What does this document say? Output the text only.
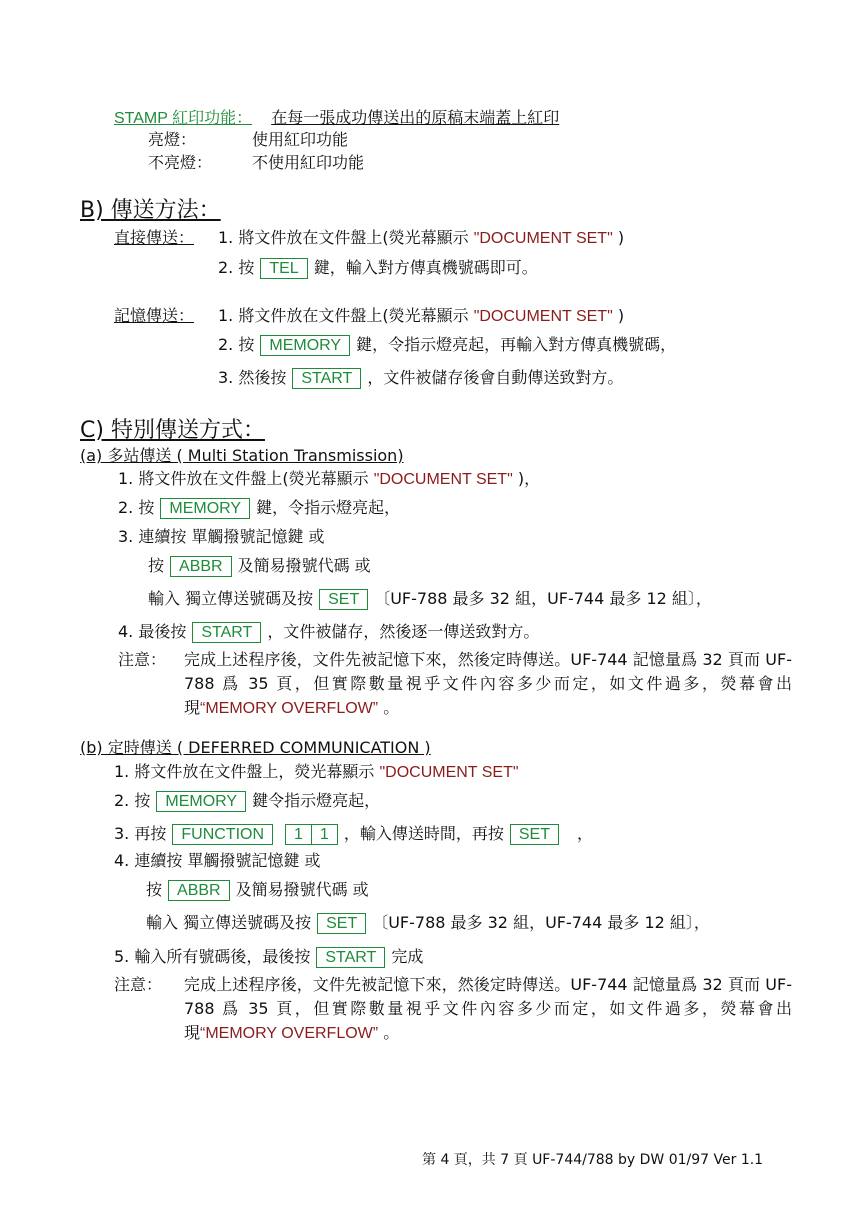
STAMP 紅印功能： 在每一張成功傳送出的原稿末端蓋上紅印
亮燈：	使用紅印功能
不亮燈： 不使用紅印功能
B) 傳送方法：
直接傳送： 1. 將文件放在文件盤上(熒光幕顯示 "DOCUMENT SET" )
2. 按 TEL 鍵，輸入對方傳真機號碼即可。
記憶傳送： 1. 將文件放在文件盤上(熒光幕顯示 "DOCUMENT SET" )
2. 按 MEMORY 鍵，令指示燈亮起，再輸入對方傳真機號碼，
3. 然後按 START ，文件被儲存後會自動傳送致對方。
C) 特別傳送方式：
(a) 多站傳送 ( Multi Station Transmission)
1. 將文件放在文件盤上(熒光幕顯示 "DOCUMENT SET" )，
2. 按 MEMORY 鍵，令指示燈亮起，
3. 連續按 單觸撥號記憶鍵 或
按 ABBR 及簡易撥號代碼 或
輸入 獨立傳送號碼及按 SET 〔UF-788 最多 32 組，UF-744 最多 12 組〕，
4. 最後按 START ，文件被儲存，然後逐一傳送致對方。
注意： 完成上述程序後，文件先被記憶下來，然後定時傳送。UF-744 記憶量爲 32 頁而 UF-788 爲 35 頁，但實際數量視乎文件內容多少而定，如文件過多，熒幕會出現“MEMORY OVERFLOW” 。
(b) 定時傳送 ( DEFERRED COMMUNICATION )
1. 將文件放在文件盤上，熒光幕顯示 "DOCUMENT SET"
2. 按 MEMORY 鍵令指示燈亮起，
3. 再按 FUNCTION 1 1 ，輸入傳送時間，再按 SET ，
4. 連續按 單觸撥號記憶鍵 或
按 ABBR 及簡易撥號代碼 或
輸入 獨立傳送號碼及按 SET 〔UF-788 最多 32 組，UF-744 最多 12 組〕，
5. 輸入所有號碼後，最後按 START 完成
注意： 完成上述程序後，文件先被記憶下來，然後定時傳送。UF-744 記憶量爲 32 頁而 UF-788 爲 35 頁，但實際數量視乎文件內容多少而定，如文件過多，熒幕會出現“MEMORY OVERFLOW” 。
第 4 頁，共 7 頁 UF-744/788 by DW 01/97 Ver 1.1
